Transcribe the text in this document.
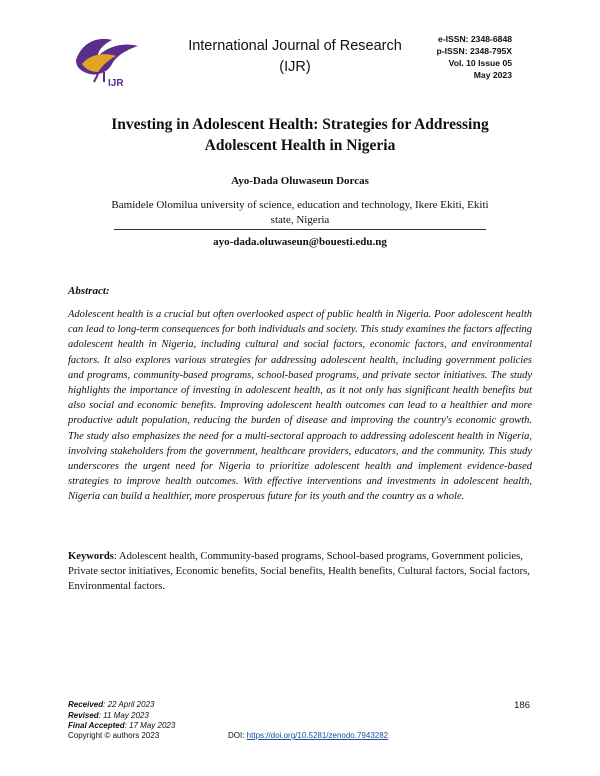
IJR
International Journal of Research
(IJR)
e-ISSN: 2348-6848
p-ISSN: 2348-795X
Vol. 10 Issue 05
May 2023
Investing in Adolescent Health: Strategies for Addressing Adolescent Health in Nigeria
Ayo-Dada Oluwaseun Dorcas
Bamidele Olomilua university of science, education and technology, Ikere Ekiti, Ekiti state, Nigeria
ayo-dada.oluwaseun@bouesti.edu.ng
Abstract:
Adolescent health is a crucial but often overlooked aspect of public health in Nigeria. Poor adolescent health can lead to long-term consequences for both individuals and society. This study examines the factors affecting adolescent health in Nigeria, including cultural and social factors, economic factors, and environmental factors. It also explores various strategies for addressing adolescent health, including government policies and programs, community-based programs, school-based programs, and private sector initiatives. The study highlights the importance of investing in adolescent health, as it not only has significant health benefits but also social and economic benefits. Improving adolescent health outcomes can lead to a healthier and more productive adult population, reducing the burden of disease and improving the country's economic growth. The study also emphasizes the need for a multi-sectoral approach to addressing adolescent health in Nigeria, involving stakeholders from the government, healthcare providers, educators, and the community. This study underscores the urgent need for Nigeria to prioritize adolescent health and implement evidence-based strategies to improve health outcomes. With effective interventions and investments in adolescent health, Nigeria can build a healthier, more prosperous future for its youth and the country as a whole.
Keywords: Adolescent health, Community-based programs, School-based programs, Government policies, Private sector initiatives, Economic benefits, Social benefits, Health benefits, Cultural factors, Social factors, Environmental factors.
Received: 22 April 2023
Revised: 11 May 2023
Final Accepted: 17 May 2023
Copyright © authors 2023	DOI: https://doi.org/10.5281/zenodo.7943282
186
